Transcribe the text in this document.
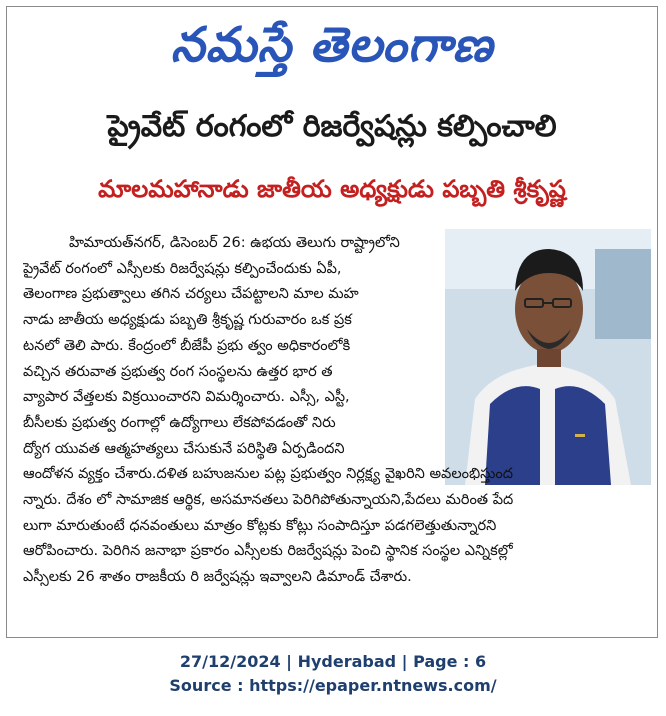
నమస్తే తెలంగాణ
ప్రైవేట్ రంగంలో రిజర్వేషన్లు కల్పించాలి
మాలమహానాడు జాతీయ అధ్యక్షుడు పబ్బతి శ్రీకృష్ణ
హిమాయత్‌నగర్, డిసెంబర్ 26: ఉభయ తెలుగు రాష్ట్రాలోని
ప్రైవేట్ రంగంలో ఎస్సీలకు రిజర్వేషన్లు కల్పించేందుకు ఏపీ,
తెలంగాణ ప్రభుత్వాలు తగిన చర్యలు చేపట్టాలని మాల మహ
నాడు జాతీయ అధ్యక్షుడు పబ్బతి శ్రీకృష్ణ గురువారం ఒక ప్రక
టనలో తెలి పారు. కేంద్రంలో బీజేపీ ప్రభు త్వం అధికారంలోకి
వచ్చిన తరువాత ప్రభుత్వ రంగ సంస్థలను ఉత్తర భార త
వ్యాపార వేత్తలకు విక్రయించారని విమర్శించారు. ఎస్సీ, ఎస్టీ,
బీసీలకు ప్రభుత్వ రంగాల్లో ఉద్యోగాలు లేకపోవడంతో నిరు
ద్యోగ యువత ఆత్మహత్యలు చేసుకునే పరిస్థితి ఏర్పడిందని
ఆందోళన వ్యక్తం చేశారు.దళిత బహుజనుల పట్ల ప్రభుత్వం నిర్లక్ష్య వైఖరిని అవలంభిస్తుంద
న్నారు. దేశం లో సామాజిక ఆర్థిక, అసమానతలు పెరిగిపోతున్నాయని,పేదలు మరింత పేద
లుగా మారుతుంటే ధనవంతులు మాత్రం కోట్లకు కోట్లు సంపాదిస్తూ పడగలెత్తుతున్నారని
ఆరోపించారు. పెరిగిన జనాభా ప్రకారం ఎస్సీలకు రిజర్వేషన్లు పెంచి స్థానిక సంస్థల ఎన్నికల్లో
ఎస్సీలకు 26 శాతం రాజకీయ రి జర్వేషన్లు ఇవ్వాలని డిమాండ్ చేశారు.
27/12/2024 | Hyderabad | Page : 6
Source : https://epaper.ntnews.com/
